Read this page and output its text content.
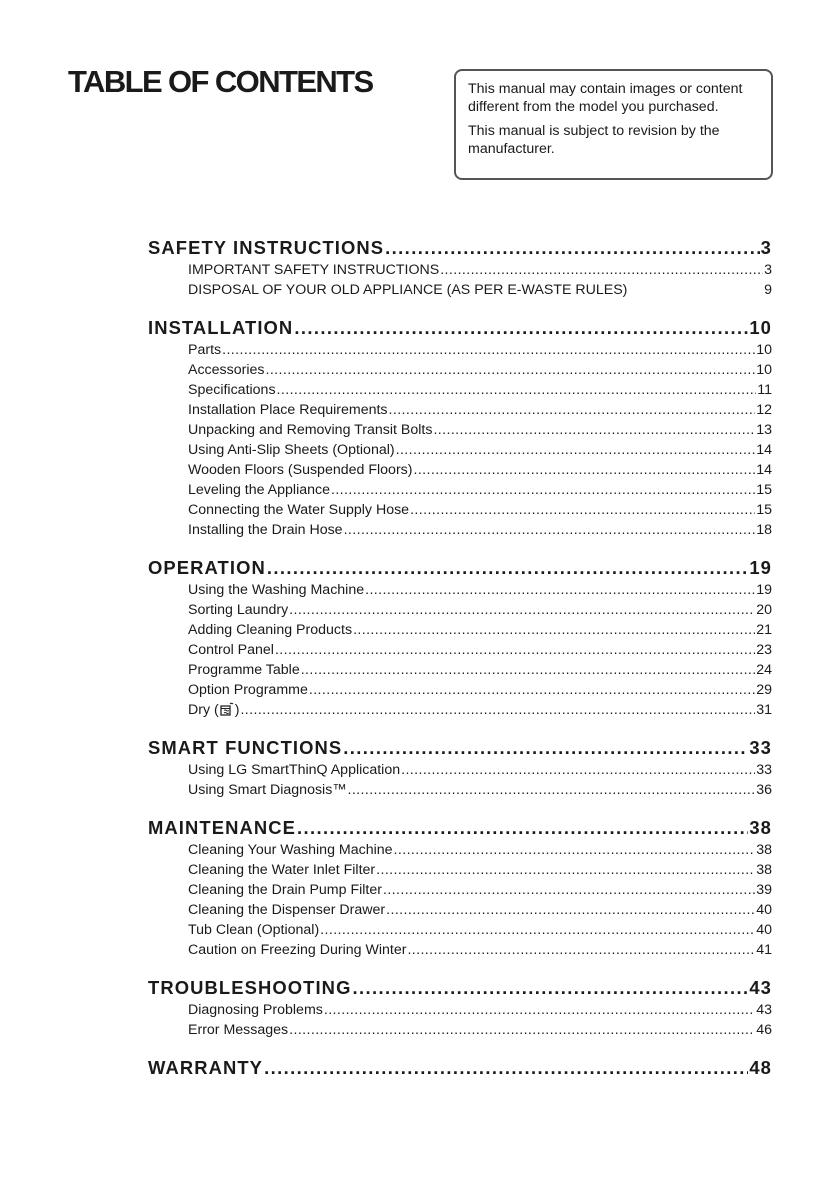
TABLE OF CONTENTS	This manual may contain images or content different from the model you purchased.

This manual is subject to revision by the manufacturer.

SAFETY INSTRUCTIONS .....	3
IMPORTANT SAFETY INSTRUCTIONS .....	3
DISPOSAL OF YOUR OLD APPLIANCE (AS PER E-WASTE RULES)	9
INSTALLATION .....	10
Parts .....	10
Accessories .....	10
Specifications .....	11
Installation Place Requirements .....	12
Unpacking and Removing Transit Bolts .....	13
Using Anti-Slip Sheets (Optional) .....	14
Wooden Floors (Suspended Floors) .....	14
Leveling the Appliance .....	15
Connecting the Water Supply Hose .....	15
Installing the Drain Hose .....	18
OPERATION .....	19
Using the Washing Machine .....	19
Sorting Laundry .....	20
Adding Cleaning Products .....	21
Control Panel .....	23
Programme Table .....	24
Option Programme .....	29
Dry ( ) .....	31
SMART FUNCTIONS .....	33
Using LG SmartThinQ Application .....	33
Using Smart Diagnosis™ .....	36
MAINTENANCE .....	38
Cleaning Your Washing Machine .....	38
Cleaning the Water Inlet Filter .....	38
Cleaning the Drain Pump Filter .....	39
Cleaning the Dispenser Drawer .....	40
Tub Clean (Optional) .....	40
Caution on Freezing During Winter .....	41
TROUBLESHOOTING .....	43
Diagnosing Problems .....	43
Error Messages .....	46
WARRANTY .....	48
